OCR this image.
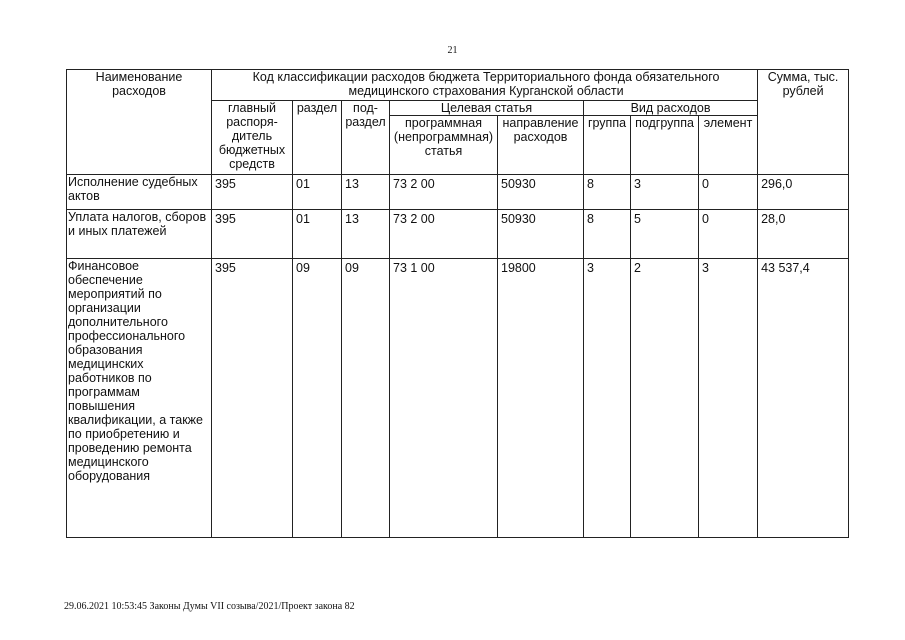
21
Наименование расходов	Код классификации расходов бюджета Территориального фонда обязательного медицинского страхования Курганской области								Сумма, тыс. рублей
	главный распоря-дитель бюджетных средств	раздел	под-раздел	Целевая статья		Вид расходов			
				программная (непрограммная) статья	направление расходов	группа	подгруппа	элемент	

Исполнение судебных актов	395	01	13	73 2 00	50930	8	3	0	296,0
Уплата налогов, сборов и иных платежей	395	01	13	73 2 00	50930	8	5	0	28,0
Финансовое обеспечение мероприятий по организации дополнительного профессионального образования медицинских работников по программам повышения квалификации, а также по приобретению и проведению ремонта медицинского оборудования	395	09	09	73 1 00	19800	3	2	3	43 537,4
29.06.2021 10:53:45 Законы Думы VII созыва/2021/Проект закона 82
